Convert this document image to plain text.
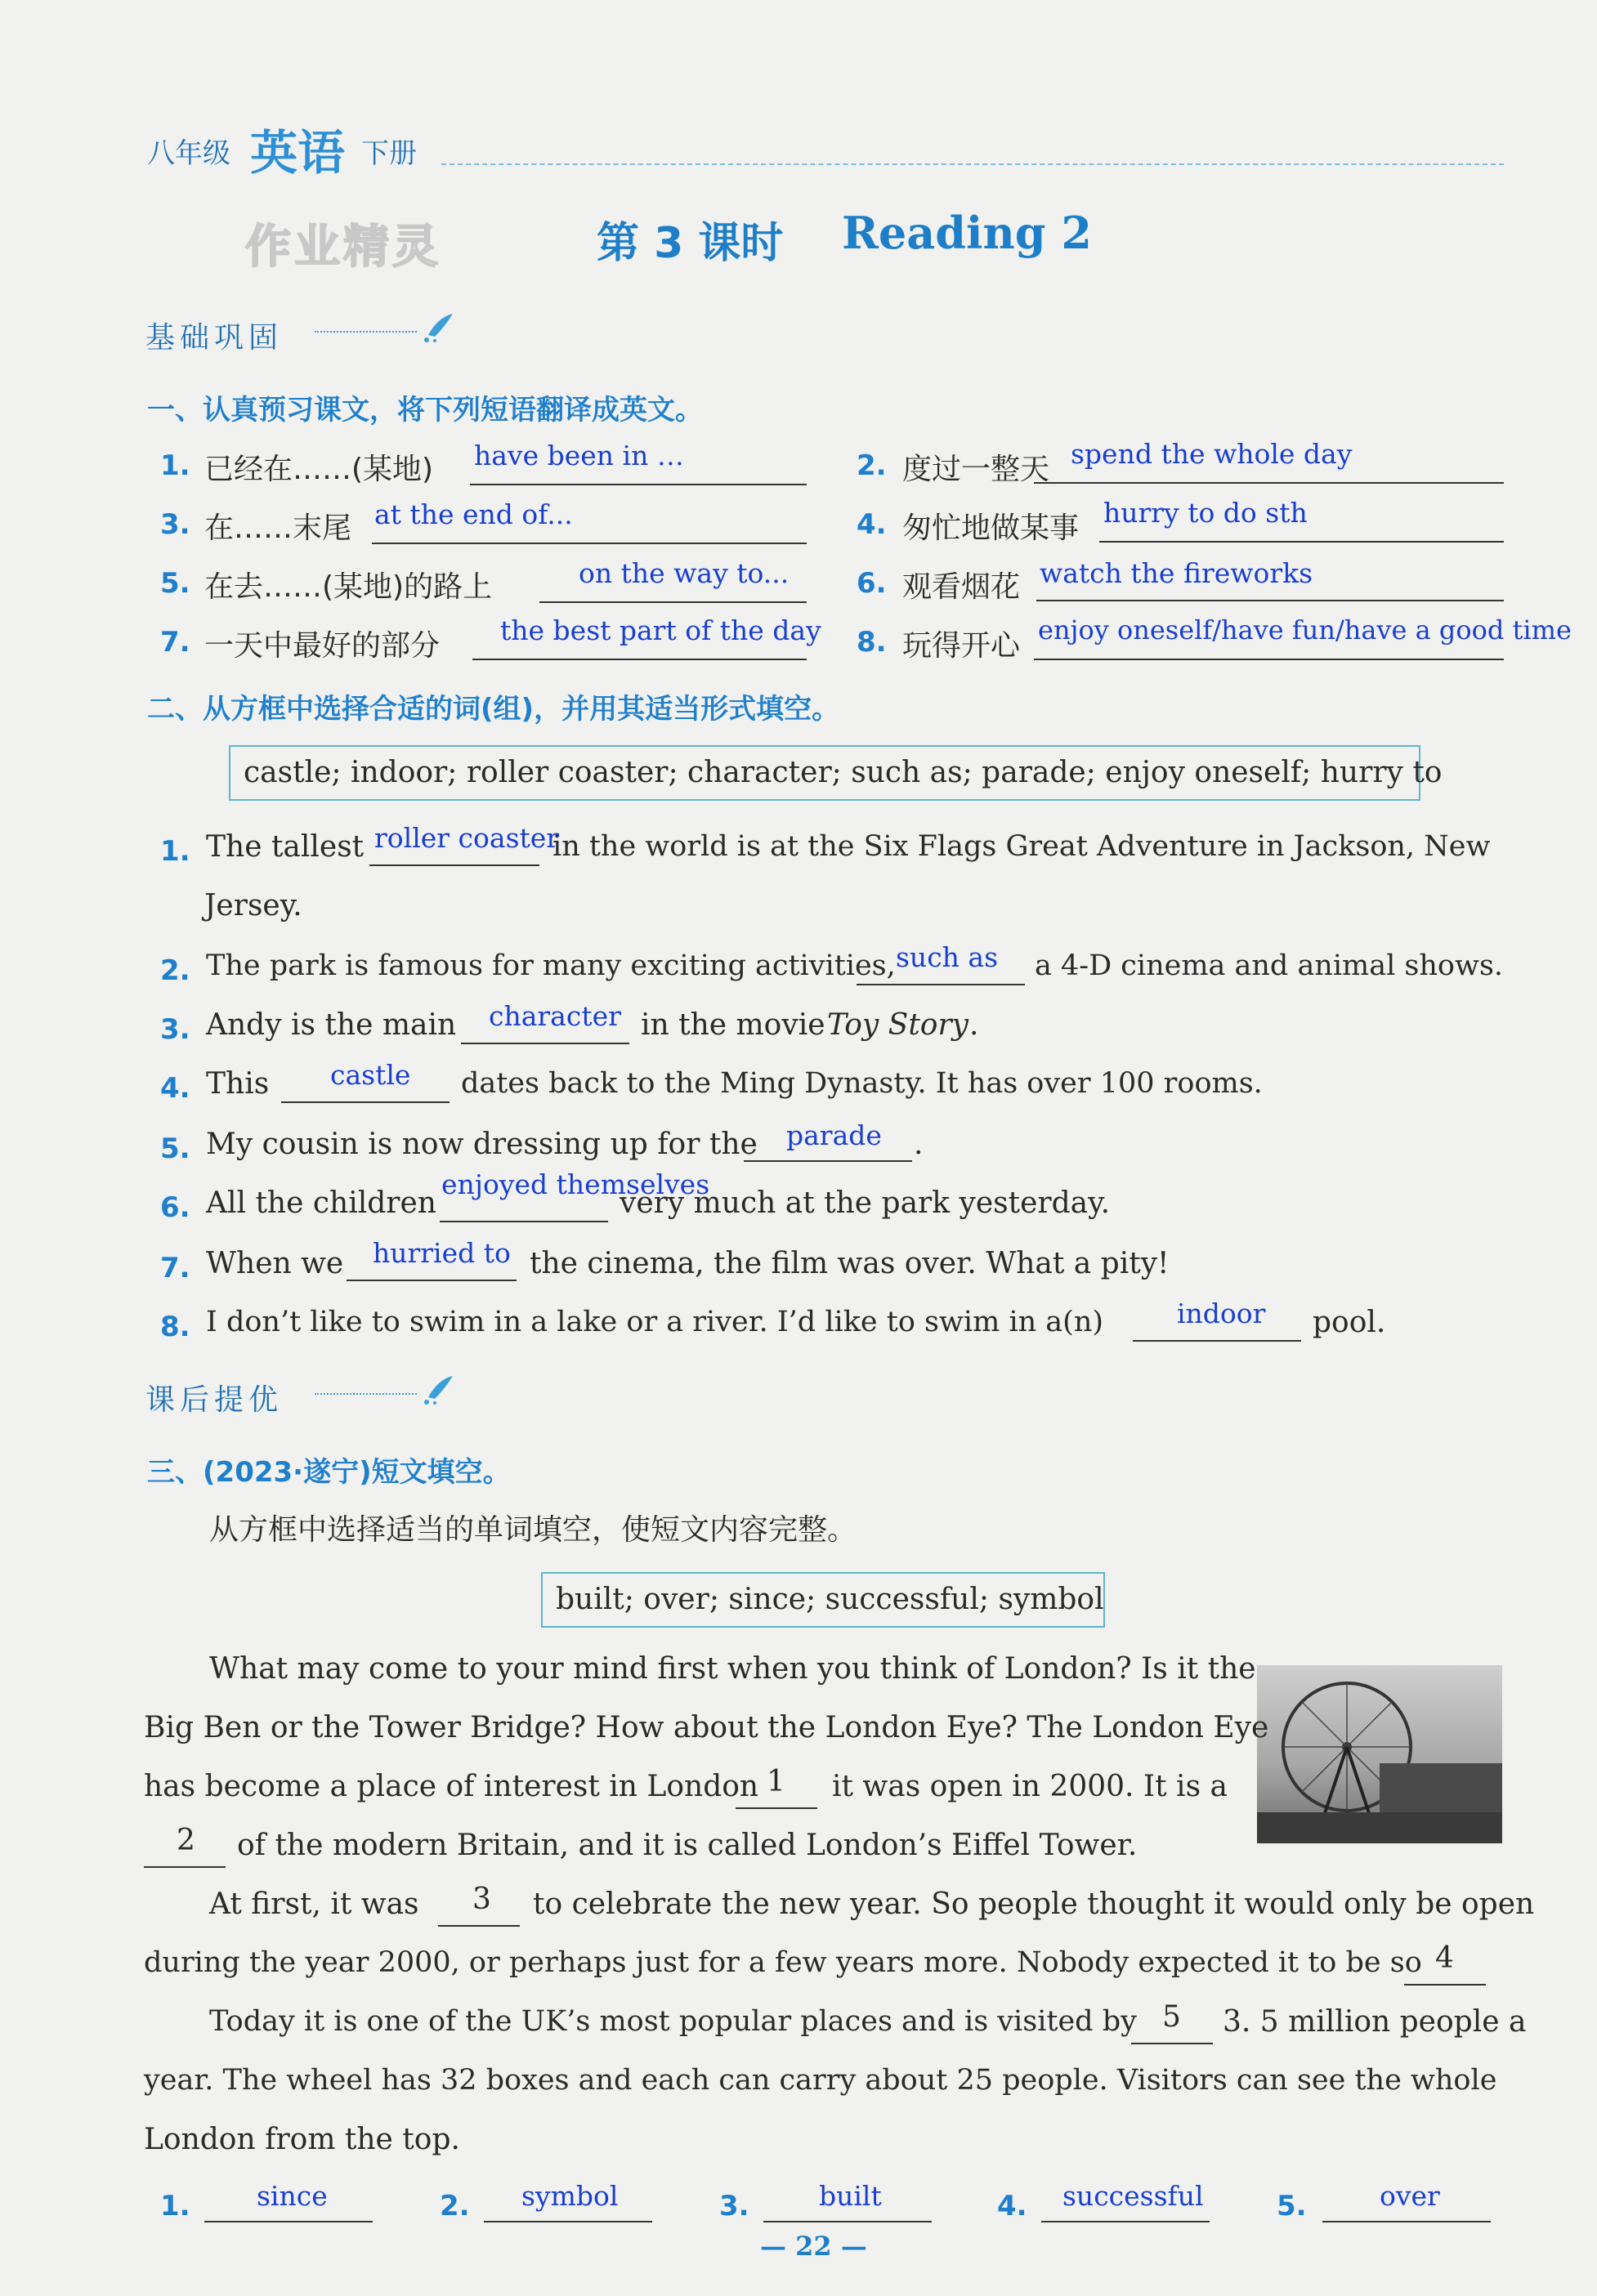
八年级 英语 下册
作业精灵	第 3 课时 Reading 2
基础巩固
一、认真预习课文，将下列短语翻译成英文。
1. 已经在……(某地) have been in …	2. 度过一整天 spend the whole day
3. 在……末尾 at the end of...	4. 匆忙地做某事 hurry to do sth
5. 在去……(某地)的路上	on the way to... 6. 观看烟花 watch the fireworks
7. 一天中最好的部分 the best part of the day 8. 玩得开心 enjoy oneself/have fun/have a good time
二、从方框中选择合适的词(组)，并用其适当形式填空。
castle; indoor; roller coaster; character; such as; parade; enjoy oneself; hurry to
1. The tallest roller coaster
in the world is at the Six Flags Great Adventure in Jackson, New
Jersey.
2. The park is famous for many exciting activities, such as a 4-D cinema and animal shows.
3. Andy is the main character in the movie Toy Story .
4. This castle dates back to the Ming Dynasty. It has over 100 rooms.
5. My cousin is now dressing up for the parade .
6. All the children
enjoyed themselves
very much at the park yesterday.
7. When we hurried to the cinema, the film was over. What a pity!
8. I don’t like to swim in a lake or a river. I’d like to swim in a(n)	indoor pool.
课后提优
三、(2023·遂宁)短文填空。
从方框中选择适当的单词填空，使短文内容完整。
built; over; since; successful; symbol
What may come to your mind first when you think of London? Is it the
Big Ben or the Tower Bridge? How about the London Eye? The London Eye
has become a place of interest in London 1 it was open in 2000. It is a
2 of the modern Britain, and it is called London’s Eiffel Tower.
At first, it was 3 to celebrate the new year. So people thought it would only be open
during the year 2000, or perhaps just for a few years more. Nobody expected it to be so 4
Today it is one of the UK’s most popular places and is visited by 5 3. 5 million people a
year. The wheel has 32 boxes and each can carry about 25 people. Visitors can see the whole
London from the top.
1. since	2. symbol	3.	built	4. successful	5.	over
— 22 —
